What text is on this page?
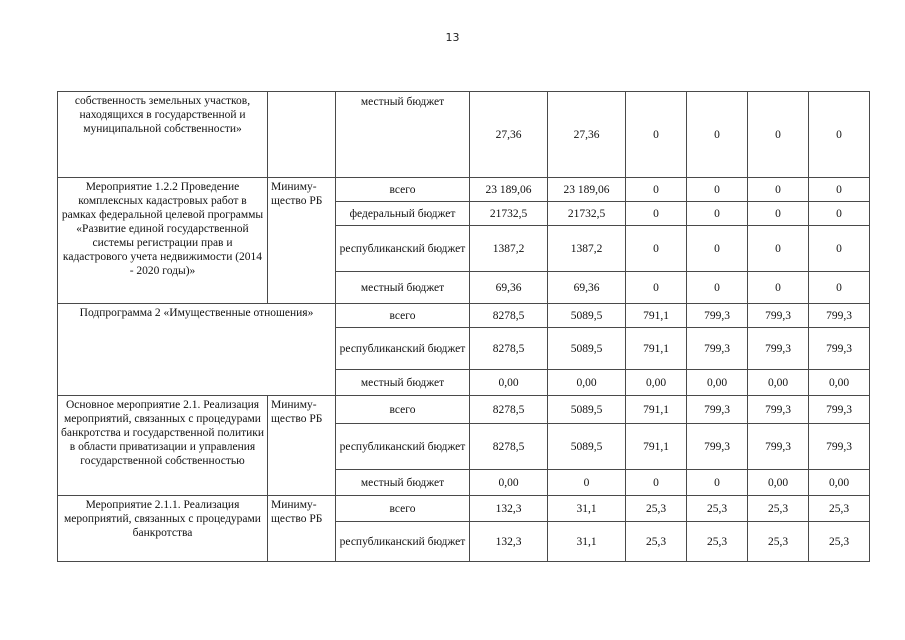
13
собственность земельных участков, находящихся в государственной и муниципальной собственности»		местный бюджет	27,36	27,36	0	0	0	0
Мероприятие 1.2.2 Проведение комплексных кадастровых работ в рамках федеральной целевой программы «Развитие единой государственной системы регистрации прав и кадастрового учета недвижимости (2014 - 2020 годы)»	Миниму-щество РБ	всего	23 189,06	23 189,06	0	0	0	0
		федеральный бюджет	21732,5	21732,5	0	0	0	0
		республиканский бюджет	1387,2	1387,2	0	0	0	0
		местный бюджет	69,36	69,36	0	0	0	0
Подпрограмма 2 «Имущественные отношения»		всего	8278,5	5089,5	791,1	799,3	799,3	799,3
		республиканский бюджет	8278,5	5089,5	791,1	799,3	799,3	799,3
		местный бюджет	0,00	0,00	0,00	0,00	0,00	0,00
Основное мероприятие 2.1. Реализация мероприятий, связанных с процедурами банкротства и государственной политики в области приватизации и управления государственной собственностью	Миниму-щество РБ	всего	8278,5	5089,5	791,1	799,3	799,3	799,3
		республиканский бюджет	8278,5	5089,5	791,1	799,3	799,3	799,3
		местный бюджет	0,00	0	0	0	0,00	0,00
Мероприятие 2.1.1. Реализация мероприятий, связанных с процедурами банкротства	Миниму-щество РБ	всего	132,3	31,1	25,3	25,3	25,3	25,3
		республиканский бюджет	132,3	31,1	25,3	25,3	25,3	25,3
